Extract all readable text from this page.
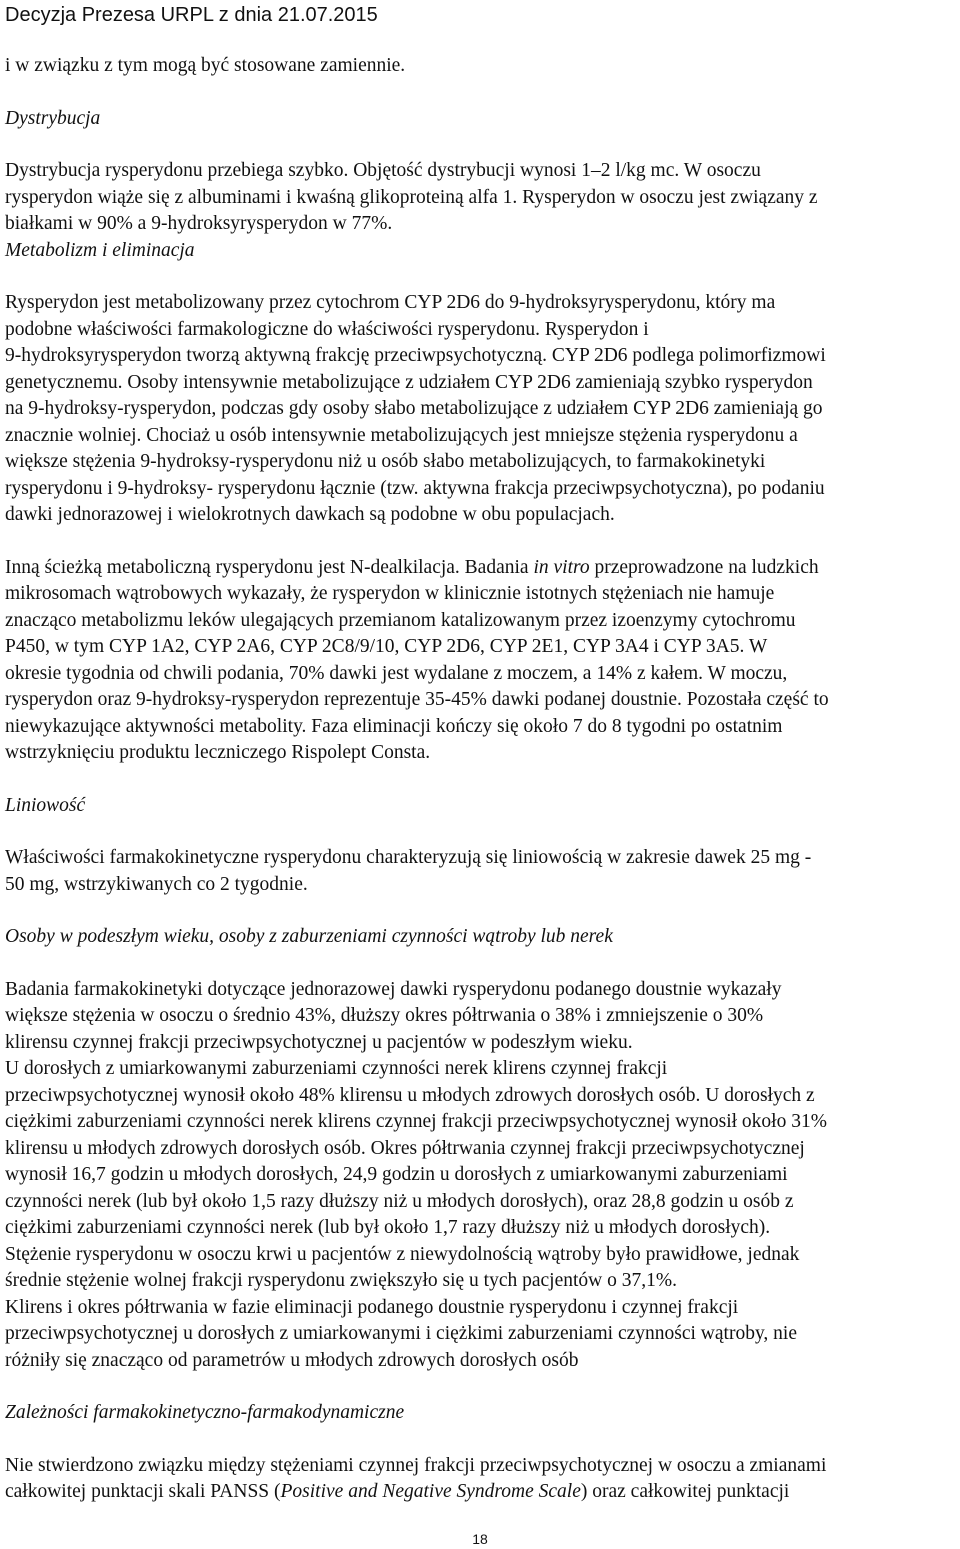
Decyzja Prezesa URPL z dnia 21.07.2015

i w związku z tym mogą być stosowane zamiennie.

Dystrybucja

Dystrybucja rysperydonu przebiega szybko. Objętość dystrybucji wynosi 1–2 l/kg mc. W osoczu
rysperydon wiąże się z albuminami i kwaśną glikoproteiną alfa 1. Rysperydon w osoczu jest związany z
białkami w 90% a 9-hydroksyrysperydon w 77%.

Metabolizm i eliminacja

Rysperydon jest metabolizowany przez cytochrom CYP 2D6 do 9-hydroksyrysperydonu, który ma
podobne właściwości farmakologiczne do właściwości rysperydonu. Rysperydon i
9-hydroksyrysperydon tworzą aktywną frakcję przeciwpsychotyczną. CYP 2D6 podlega polimorfizmowi
genetycznemu. Osoby intensywnie metabolizujące z udziałem CYP 2D6 zamieniają szybko rysperydon
na 9-hydroksy-rysperydon, podczas gdy osoby słabo metabolizujące z udziałem CYP 2D6 zamieniają go
znacznie wolniej. Chociaż u osób intensywnie metabolizujących jest mniejsze stężenia rysperydonu a
większe stężenia 9-hydroksy-rysperydonu niż u osób słabo metabolizujących, to farmakokinetyki
rysperydonu i 9-hydroksy- rysperydonu łącznie (tzw. aktywna frakcja przeciwpsychotyczna), po podaniu
dawki jednorazowej i wielokrotnych dawkach są podobne w obu populacjach.

Inną ścieżką metaboliczną rysperydonu jest N-dealkilacja. Badania in vitro przeprowadzone na ludzkich
mikrosomach wątrobowych wykazały, że rysperydon w klinicznie istotnych stężeniach nie hamuje
znacząco metabolizmu leków ulegających przemianom katalizowanym przez izoenzymy cytochromu
P450, w tym CYP 1A2, CYP 2A6, CYP 2C8/9/10, CYP 2D6, CYP 2E1, CYP 3A4 i CYP 3A5. W
okresie tygodnia od chwili podania, 70% dawki jest wydalane z moczem, a 14% z kałem. W moczu,
rysperydon oraz 9-hydroksy-rysperydon reprezentuje 35-45% dawki podanej doustnie. Pozostała część to
niewykazujące aktywności metabolity. Faza eliminacji kończy się około 7 do 8 tygodni po ostatnim
wstrzyknięciu produktu leczniczego Rispolept Consta.

Liniowość

Właściwości farmakokinetyczne rysperydonu charakteryzują się liniowością w zakresie dawek 25 mg -
50 mg, wstrzykiwanych co 2 tygodnie.

Osoby w podeszłym wieku, osoby z zaburzeniami czynności wątroby lub nerek

Badania farmakokinetyki dotyczące jednorazowej dawki rysperydonu podanego doustnie wykazały
większe stężenia w osoczu o średnio 43%, dłuższy okres półtrwania o 38% i zmniejszenie o 30%
klirensu czynnej frakcji przeciwpsychotycznej u pacjentów w podeszłym wieku.
U dorosłych z umiarkowanymi zaburzeniami czynności nerek klirens czynnej frakcji
przeciwpsychotycznej wynosił około 48% klirensu u młodych zdrowych dorosłych osób. U dorosłych z
ciężkimi zaburzeniami czynności nerek klirens czynnej frakcji przeciwpsychotycznej wynosił około 31%
klirensu u młodych zdrowych dorosłych osób. Okres półtrwania czynnej frakcji przeciwpsychotycznej
wynosił 16,7 godzin u młodych dorosłych, 24,9 godzin u dorosłych z umiarkowanymi zaburzeniami
czynności nerek (lub był około 1,5 razy dłuższy niż u młodych dorosłych), oraz 28,8 godzin u osób z
ciężkimi zaburzeniami czynności nerek (lub był około 1,7 razy dłuższy niż u młodych dorosłych).
Stężenie rysperydonu w osoczu krwi u pacjentów z niewydolnością wątroby było prawidłowe, jednak
średnie stężenie wolnej frakcji rysperydonu zwiększyło się u tych pacjentów o 37,1%.
Klirens i okres półtrwania w fazie eliminacji podanego doustnie rysperydonu i czynnej frakcji
przeciwpsychotycznej u dorosłych z umiarkowanymi i ciężkimi zaburzeniami czynności wątroby, nie
różniły się znacząco od parametrów u młodych zdrowych dorosłych osób

Zależności farmakokinetyczno-farmakodynamiczne

Nie stwierdzono związku między stężeniami czynnej frakcji przeciwpsychotycznej w osoczu a zmianami
całkowitej punktacji skali PANSS (Positive and Negative Syndrome Scale) oraz całkowitej punktacji

18
